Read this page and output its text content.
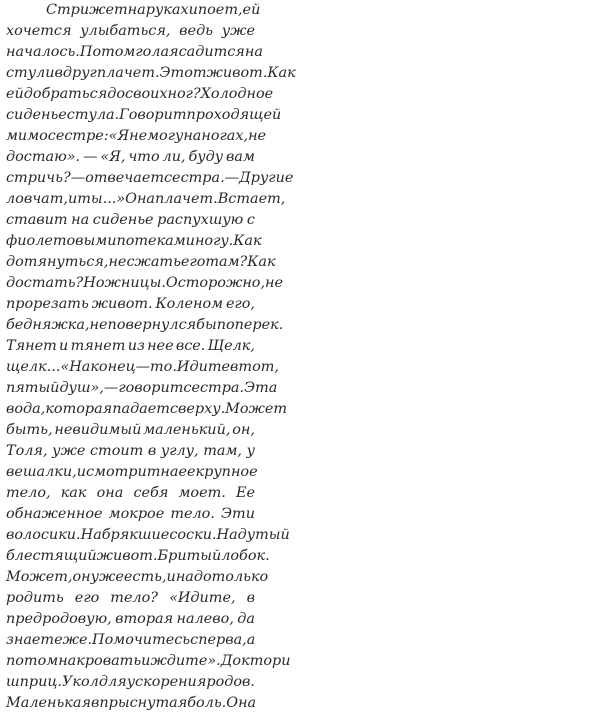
Стрижет на руках и поет, ей
хочется улыбаться, ведь уже
началось. Потом голая садится на
стул и вдруг плачет. Этот живот. Как
ей добраться до своих ног? Холодное
сиденье стула. Говорит проходящей
мимо сестре: «Я не могу на ногах, не
достаю». — «Я, что ли, буду вам
стричь? — отвечает сестра. — Другие
ловчат, и ты...» Она плачет. Встает,
ставит на сиденье распухшую с
фиолетовыми потеками ногу. Как
дотянуться, не сжать его там? Как
достать? Ножницы. Осторожно, не
прорезать живот. Коленом его,
бедняжка, не повернулся бы поперек.
Тянет и тянет из нее все. Щелк,
щелк... «Наконец—то. Идите в тот,
пятый душ», — говорит сестра. Эта
вода, которая падает сверху. Может
быть, невидимый маленький, он,
Толя, уже стоит в углу, там, у
вешалки, и смотрит на ее крупное
тело, как она себя моет. Ее
обнаженное мокрое тело. Эти
волосики. Набрякшие соски. Надутый
блестящий живот. Бритый лобок.
Может, он уже есть, и надо только
родить его тело? «Идите, в
предродовую, вторая налево, да
знаете же. Помочитесь сперва, а
потом на кровать и ждите». Доктор и
шприц. Укол для ускорения родов.
Маленькая впрыснутая боль. Она
